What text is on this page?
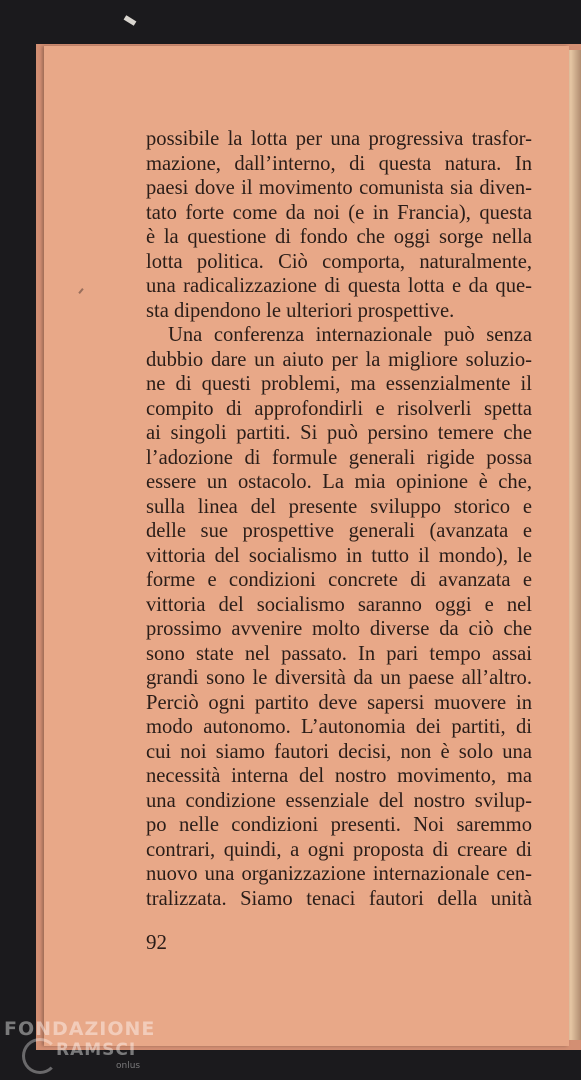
possibile la lotta per una progressiva trasfor-
mazione, dall’interno, di questa natura. In
paesi dove il movimento comunista sia diven-
tato forte come da noi (e in Francia), questa
è la questione di fondo che oggi sorge nella
lotta politica. Ciò comporta, naturalmente,
una radicalizzazione di questa lotta e da que-
sta dipendono le ulteriori prospettive.
Una conferenza internazionale può senza
dubbio dare un aiuto per la migliore soluzio-
ne di questi problemi, ma essenzialmente il
compito di approfondirli e risolverli spetta
ai singoli partiti. Si può persino temere che
l’adozione di formule generali rigide possa
essere un ostacolo. La mia opinione è che,
sulla linea del presente sviluppo storico e
delle sue prospettive generali (avanzata e
vittoria del socialismo in tutto il mondo), le
forme e condizioni concrete di avanzata e
vittoria del socialismo saranno oggi e nel
prossimo avvenire molto diverse da ciò che
sono state nel passato. In pari tempo assai
grandi sono le diversità da un paese all’altro.
Perciò ogni partito deve sapersi muovere in
modo autonomo. L’autonomia dei partiti, di
cui noi siamo fautori decisi, non è solo una
necessità interna del nostro movimento, ma
una condizione essenziale del nostro svilup-
po nelle condizioni presenti. Noi saremmo
contrari, quindi, a ogni proposta di creare di
nuovo una organizzazione internazionale cen-
tralizzata. Siamo tenaci fautori della unità
92
FONDAZIONE
RAMSCI
onlus
